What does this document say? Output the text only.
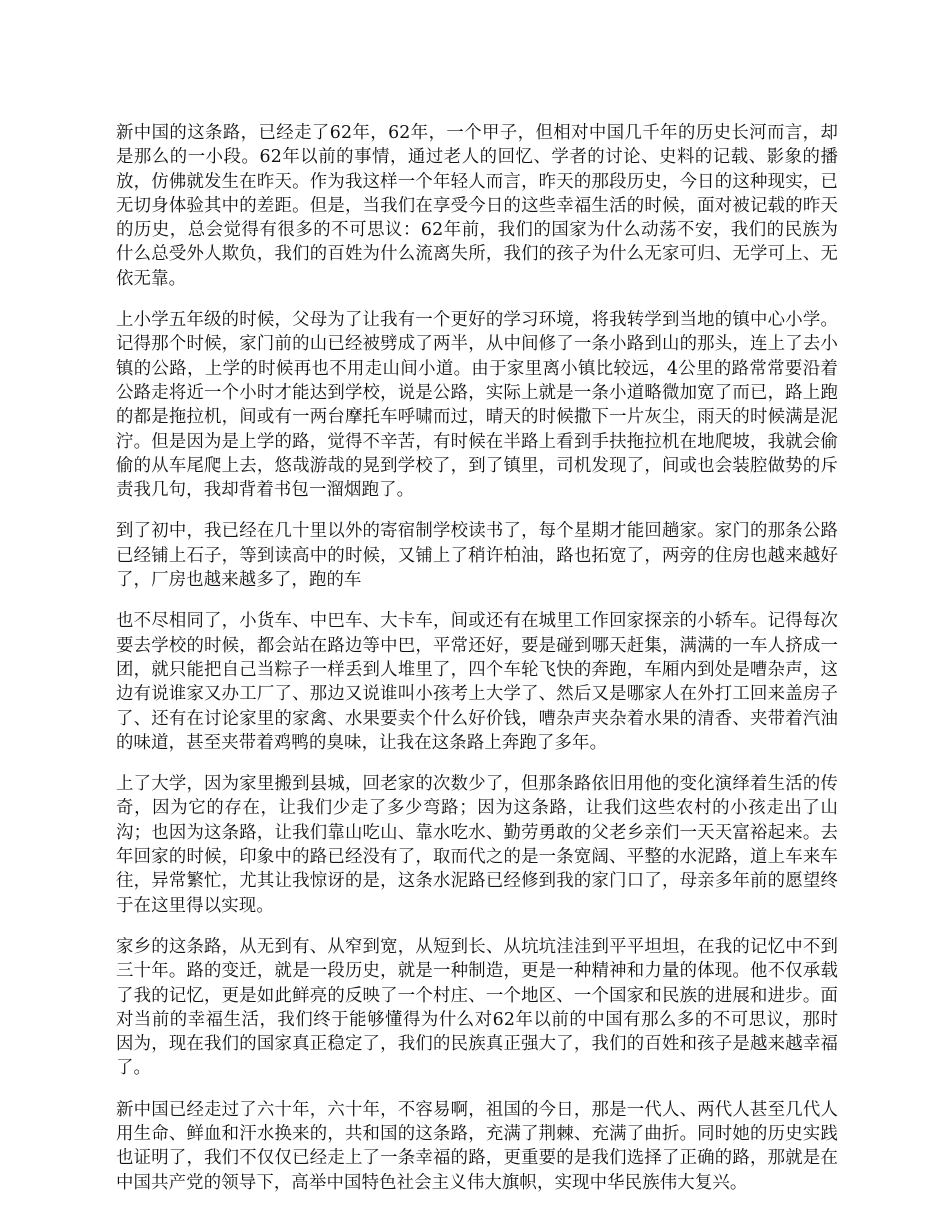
新中国的这条路，已经走了62年，62年，一个甲子，但相对中国几千年的历史长河而言，却是那么的一小段。62年以前的事情，通过老人的回忆、学者的讨论、史料的记载、影象的播放，仿佛就发生在昨天。作为我这样一个年轻人而言，昨天的那段历史，今日的这种现实，已无切身体验其中的差距。但是，当我们在享受今日的这些幸福生活的时候，面对被记载的昨天的历史，总会觉得有很多的不可思议：62年前，我们的国家为什么动荡不安，我们的民族为什么总受外人欺负，我们的百姓为什么流离失所，我们的孩子为什么无家可归、无学可上、无依无靠。

上小学五年级的时候，父母为了让我有一个更好的学习环境，将我转学到当地的镇中心小学。记得那个时候，家门前的山已经被劈成了两半，从中间修了一条小路到山的那头，连上了去小镇的公路，上学的时候再也不用走山间小道。由于家里离小镇比较远，4公里的路常常要沿着公路走将近一个小时才能达到学校，说是公路，实际上就是一条小道略微加宽了而已，路上跑的都是拖拉机，间或有一两台摩托车呼啸而过，晴天的时候撒下一片灰尘，雨天的时候满是泥泞。但是因为是上学的路，觉得不辛苦，有时候在半路上看到手扶拖拉机在地爬坡，我就会偷偷的从车尾爬上去，悠哉游哉的晃到学校了，到了镇里，司机发现了，间或也会装腔做势的斥责我几句，我却背着书包一溜烟跑了。

到了初中，我已经在几十里以外的寄宿制学校读书了，每个星期才能回趟家。家门的那条公路已经铺上石子，等到读高中的时候，又铺上了稍许柏油，路也拓宽了，两旁的住房也越来越好了，厂房也越来越多了，跑的车

也不尽相同了，小货车、中巴车、大卡车，间或还有在城里工作回家探亲的小轿车。记得每次要去学校的时候，都会站在路边等中巴，平常还好，要是碰到哪天赶集，满满的一车人挤成一团，就只能把自己当粽子一样丢到人堆里了，四个车轮飞快的奔跑，车厢内到处是嘈杂声，这边有说谁家又办工厂了、那边又说谁叫小孩考上大学了、然后又是哪家人在外打工回来盖房子了、还有在讨论家里的家禽、水果要卖个什么好价钱，嘈杂声夹杂着水果的清香、夹带着汽油的味道，甚至夹带着鸡鸭的臭味，让我在这条路上奔跑了多年。

上了大学，因为家里搬到县城，回老家的次数少了，但那条路依旧用他的变化演绎着生活的传奇，因为它的存在，让我们少走了多少弯路；因为这条路，让我们这些农村的小孩走出了山沟；也因为这条路，让我们靠山吃山、靠水吃水、勤劳勇敢的父老乡亲们一天天富裕起来。去年回家的时候，印象中的路已经没有了，取而代之的是一条宽阔、平整的水泥路，道上车来车往，异常繁忙，尤其让我惊讶的是，这条水泥路已经修到我的家门口了，母亲多年前的愿望终于在这里得以实现。

家乡的这条路，从无到有、从窄到宽，从短到长、从坑坑洼洼到平平坦坦，在我的记忆中不到三十年。路的变迁，就是一段历史，就是一种制造，更是一种精神和力量的体现。他不仅承载了我的记忆，更是如此鲜亮的反映了一个村庄、一个地区、一个国家和民族的进展和进步。面对当前的幸福生活，我们终于能够懂得为什么对62年以前的中国有那么多的不可思议，那时因为，现在我们的国家真正稳定了，我们的民族真正强大了，我们的百姓和孩子是越来越幸福了。

新中国已经走过了六十年，六十年，不容易啊，祖国的今日，那是一代人、两代人甚至几代人用生命、鲜血和汗水换来的，共和国的这条路，充满了荆棘、充满了曲折。同时她的历史实践也证明了，我们不仅仅已经走上了一条幸福的路，更重要的是我们选择了正确的路，那就是在中国共产党的领导下，高举中国特色社会主义伟大旗帜，实现中华民族伟大复兴。
